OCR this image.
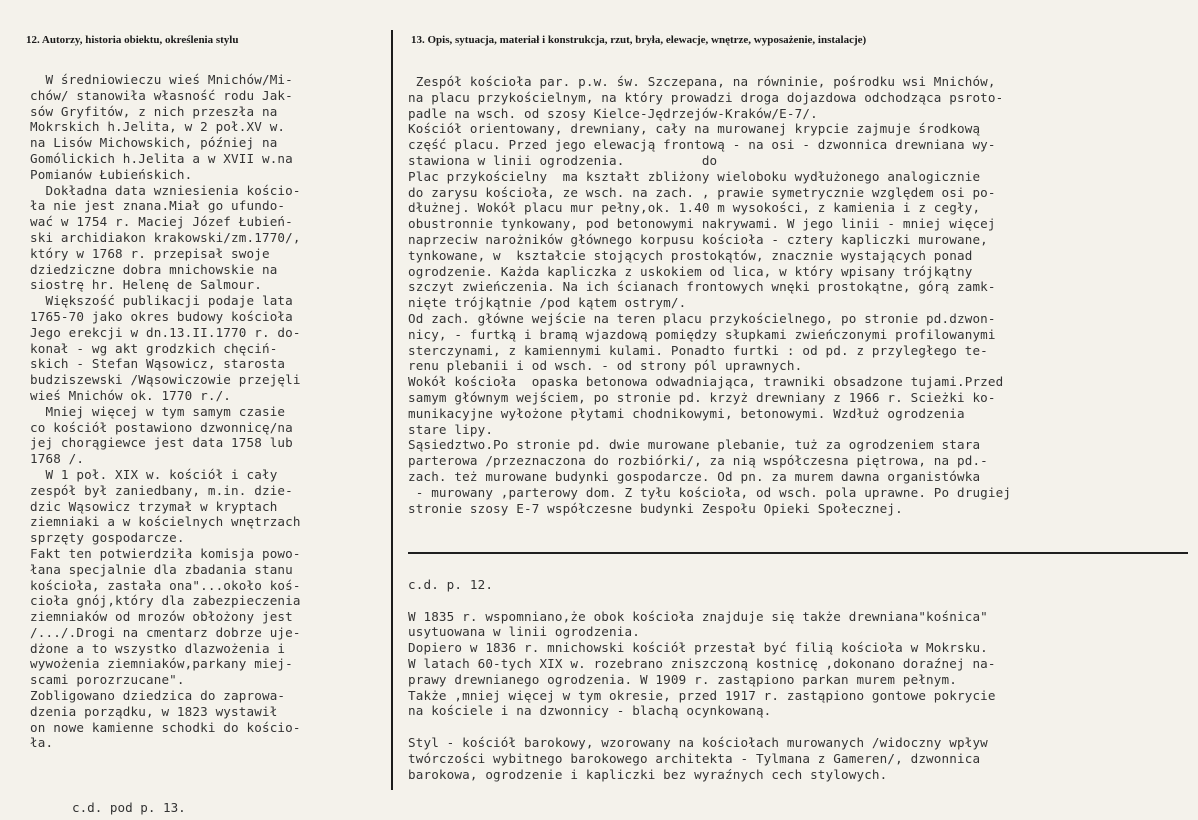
12. Autorzy, historia obiektu, określenia stylu	13. Opis, sytuacja, materiał i konstrukcja, rzut, bryła, elewacje, wnętrze, wyposażenie, instalacje)
W średniowieczu wieś Mnichów/Mi-
chów/ stanowiła własność rodu Jak-
sów Gryfitów, z nich przeszła na
Mokrskich h.Jelita, w 2 poł.XV w.
na Lisów Michowskich, później na
Gomólickich h.Jelita a w XVII w.na
Pomianów Łubieńskich.
Dokładna data wzniesienia kościo-
ła nie jest znana.Miał go ufundo-
wać w 1754 r. Maciej Józef Łubień-
ski archidiakon krakowski/zm.1770/,
który w 1768 r. przepisał swoje
dziedziczne dobra mnichowskie na
siostrę hr. Helenę de Salmour.
Większość publikacji podaje lata
1765-70 jako okres budowy kościoła
Jego erekcji w dn.13.II.1770 r. do-
konał - wg akt grodzkich chęciń-
skich - Stefan Wąsowicz, starosta
budziszewski /Wąsowiczowie przejęli
wieś Mnichów ok. 1770 r./.
Mniej więcej w tym samym czasie
co kościół postawiono dzwonnicę/na
jej chorągiewce jest data 1758 lub
1768 /.
W 1 poł. XIX w. kościół i cały
zespół był zaniedbany, m.in. dzie-
dzic Wąsowicz trzymał w kryptach
ziemniaki a w kościelnych wnętrzach
sprzęty gospodarcze.
Fakt ten potwierdziła komisja powo-
łana specjalnie dla zbadania stanu
kościoła, zastała ona"...około koś-
cioła gnój,który dla zabezpieczenia
ziemniaków od mrozów obłożony jest
/.../.Drogi na cmentarz dobrze uje-
dżone a to wszystko dlazwożenia i
wywożenia ziemniaków,parkany miej-
scami porozrzucane".
Zobligowano dziedzica do zaprowa-
dzenia porządku, w 1823 wystawił
on nowe kamienne schodki do kościo-
ła.
c.d. pod p. 13.
Zespół kościoła par. p.w. św. Szczepana, na równinie, pośrodku wsi Mnichów,
na placu przykościelnym, na który prowadzi droga dojazdowa odchodząca psroto-
padle na wsch. od szosy Kielce-Jędrzejów-Kraków/E-7/.
Kościół orientowany, drewniany, cały na murowanej krypcie zajmuje środkową
część placu. Przed jego elewacją frontową - na osi - dzwonnica drewniana wy-
stawiona w linii ogrodzenia.          do
Plac przykościelny  ma kształt zbliżony wieloboku wydłużonego analogicznie
do zarysu kościoła, ze wsch. na zach. , prawie symetrycznie względem osi po-
dłużnej. Wokół placu mur pełny,ok. 1.40 m wysokości, z kamienia i z cegły,
obustronnie tynkowany, pod betonowymi nakrywami. W jego linii - mniej więcej
naprzeciw narożników głównego korpusu kościoła - cztery kapliczki murowane,
tynkowane, w  kształcie stojących prostokątów, znacznie wystających ponad
ogrodzenie. Każda kapliczka z uskokiem od lica, w który wpisany trójkątny
szczyt zwieńczenia. Na ich ścianach frontowych wnęki prostokątne, górą zamk-
nięte trójkątnie /pod kątem ostrym/.
Od zach. główne wejście na teren placu przykościelnego, po stronie pd.dzwon-
nicy, - furtką i bramą wjazdową pomiędzy słupkami zwieńczonymi profilowanymi
sterczynami, z kamiennymi kulami. Ponadto furtki : od pd. z przyległego te-
renu plebanii i od wsch. - od strony pól uprawnych.
Wokół kościoła  opaska betonowa odwadniająca, trawniki obsadzone tujami.Przed
samym głównym wejściem, po stronie pd. krzyż drewniany z 1966 r. Scieżki ko-
munikacyjne wyłożone płytami chodnikowymi, betonowymi. Wzdłuż ogrodzenia
stare lipy.
Sąsiedztwo.Po stronie pd. dwie murowane plebanie, tuż za ogrodzeniem stara
parterowa /przeznaczona do rozbiórki/, za nią współczesna piętrowa, na pd.-
zach. też murowane budynki gospodarcze. Od pn. za murem dawna organistówka
- murowany ,parterowy dom. Z tyłu kościoła, od wsch. pola uprawne. Po drugiej
stronie szosy E-7 współczesne budynki Zespołu Opieki Społecznej.
c.d. p. 12.
W 1835 r. wspomniano,że obok kościoła znajduje się także drewniana"kośnica"
usytuowana w linii ogrodzenia.
Dopiero w 1836 r. mnichowski kościół przestał być filią kościoła w Mokrsku.
W latach 60-tych XIX w. rozebrano zniszczoną kostnicę ,dokonano doraźnej na-
prawy drewnianego ogrodzenia. W 1909 r. zastąpiono parkan murem pełnym.
Także ,mniej więcej w tym okresie, przed 1917 r. zastąpiono gontowe pokrycie
na kościele i na dzwonnicy - blachą ocynkowaną.
Styl - kościół barokowy, wzorowany na kościołach murowanych /widoczny wpływ
twórczości wybitnego barokowego architekta - Tylmana z Gameren/, dzwonnica
barokowa, ogrodzenie i kapliczki bez wyraźnych cech stylowych.
